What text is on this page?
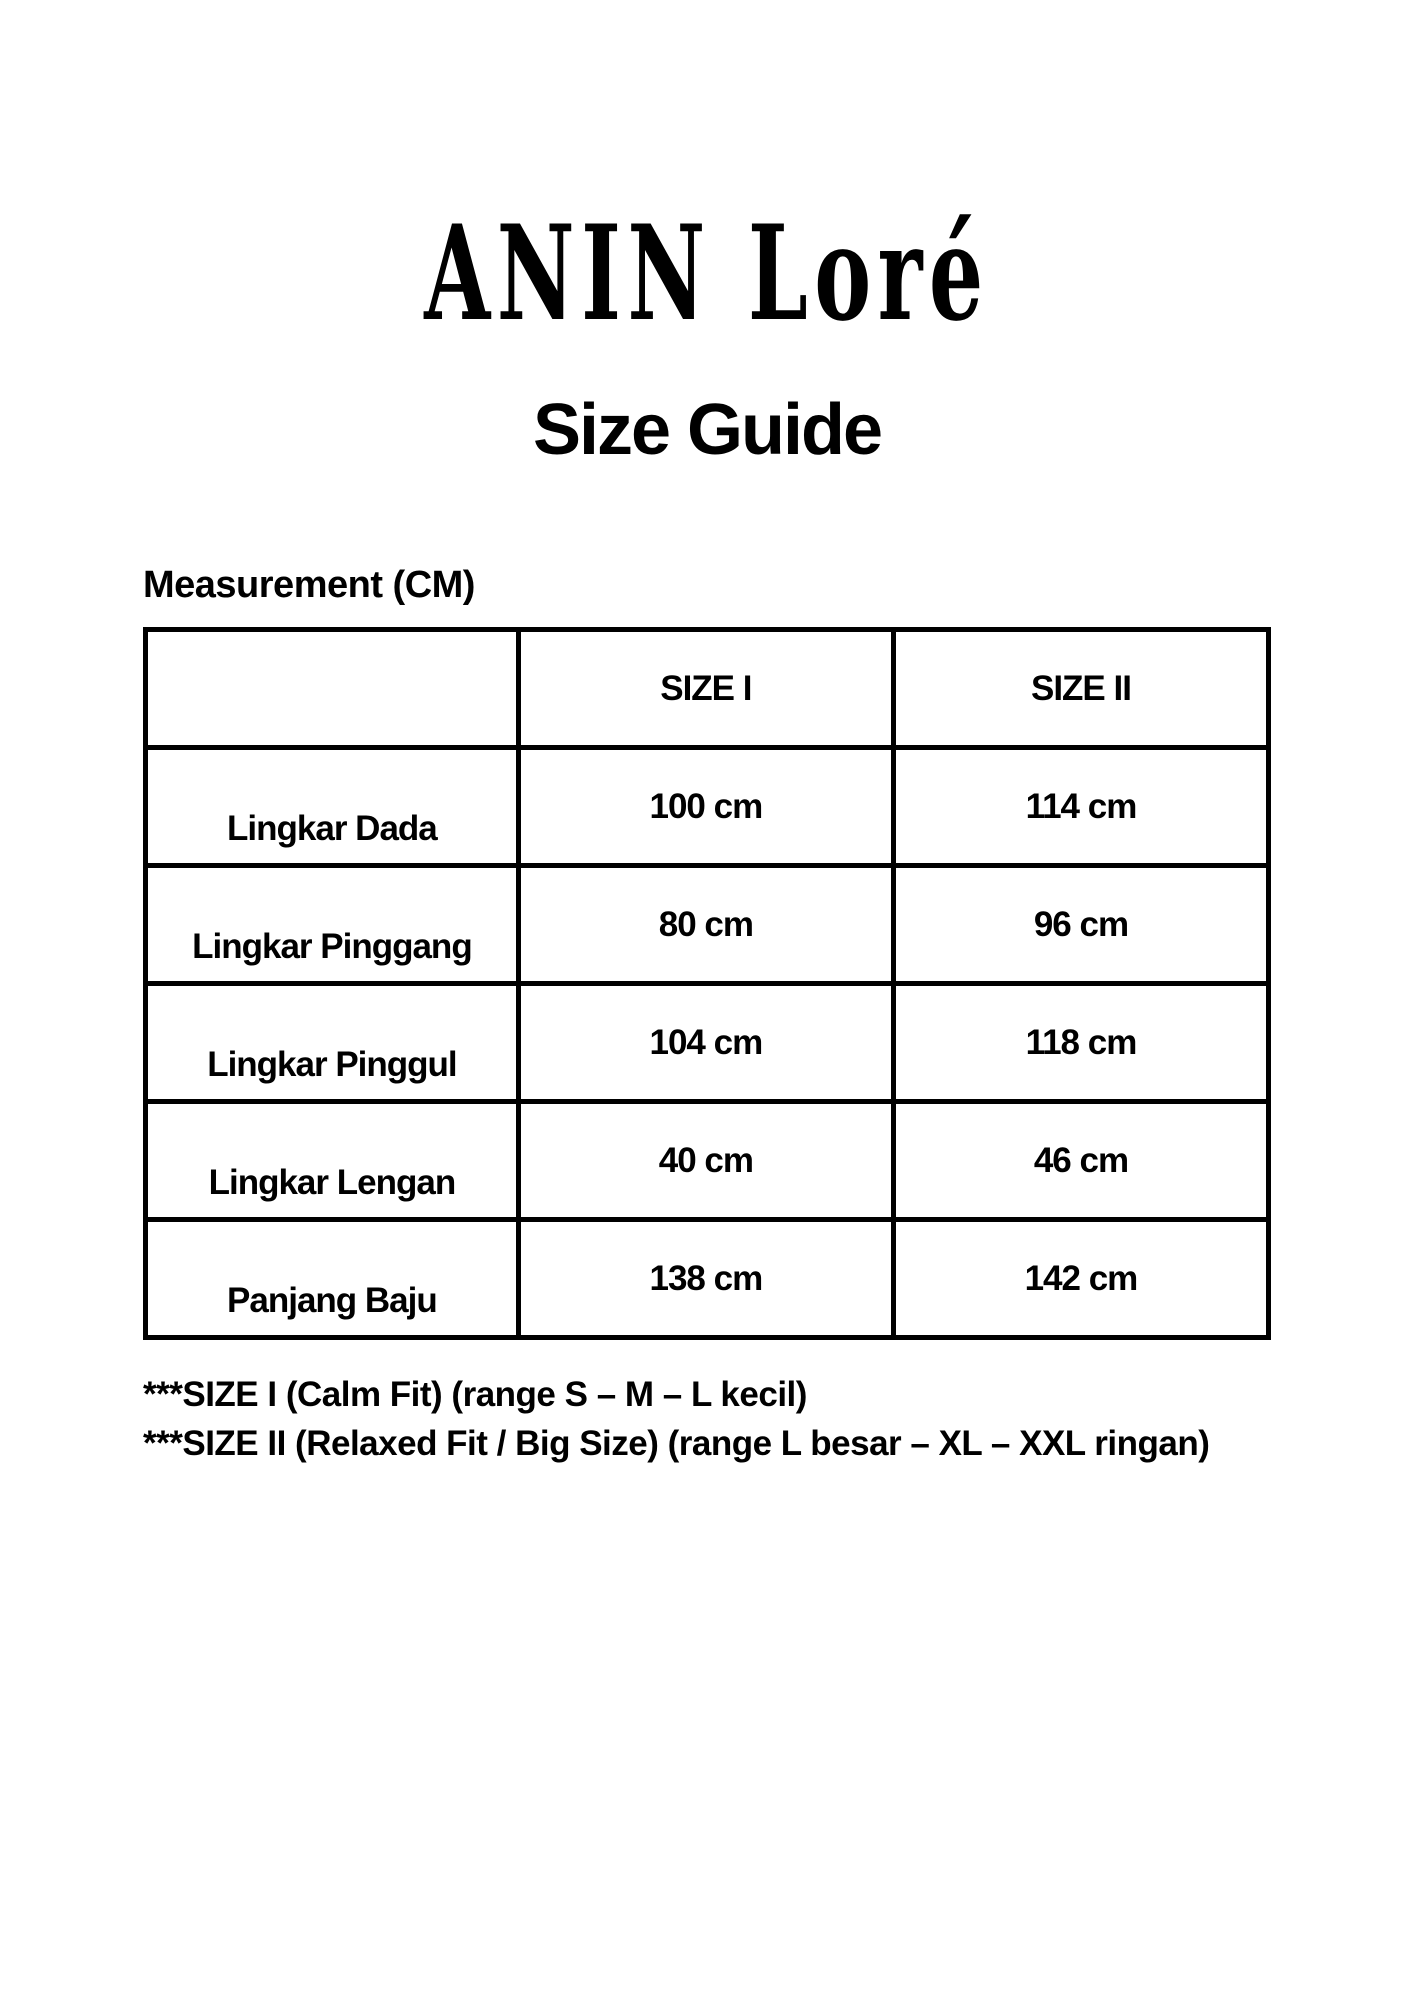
ANIN Loré
Size Guide
Measurement (CM)
	SIZE I	SIZE II
Lingkar Dada	100 cm	114 cm
Lingkar Pinggang	80 cm	96 cm
Lingkar Pinggul	104 cm	118 cm
Lingkar Lengan	40 cm	46 cm
Panjang Baju	138 cm	142 cm
***SIZE I (Calm Fit) (range S – M – L kecil)
***SIZE II (Relaxed Fit / Big Size) (range L besar – XL – XXL ringan)
